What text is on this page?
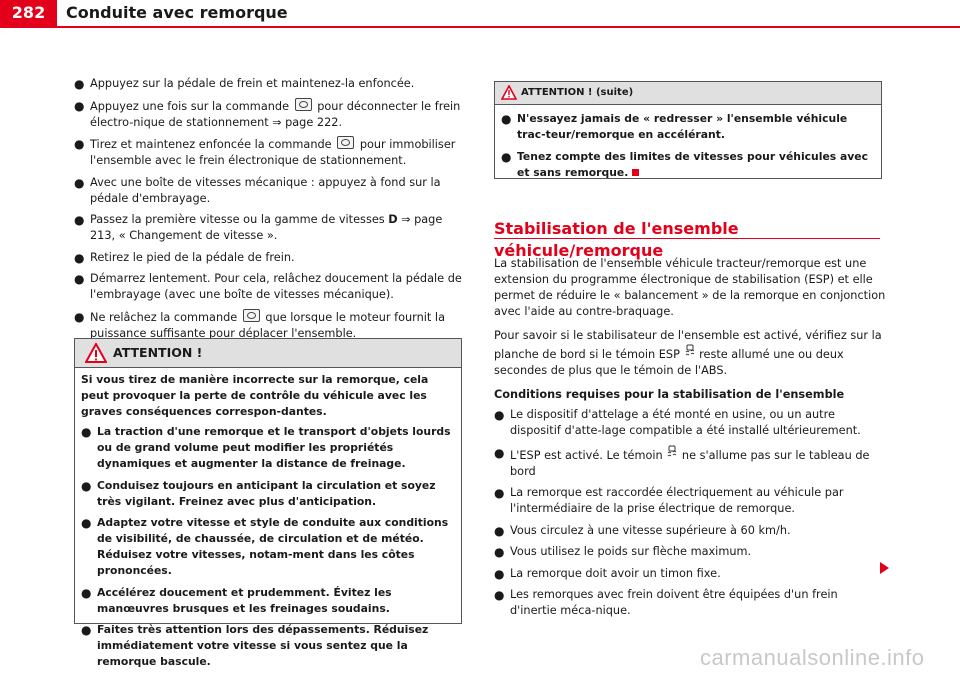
282	Conduite avec remorque
● Appuyez sur la pédale de frein et maintenez-la enfoncée.
● Appuyez une fois sur la commande pour déconnecter le frein électro-nique de stationnement ⇒ page 222.
● Tirez et maintenez enfoncée la commande pour immobiliser l'ensemble avec le frein électronique de stationnement.
● Avec une boîte de vitesses mécanique : appuyez à fond sur la pédale d'embrayage.
● Passez la première vitesse ou la gamme de vitesses D ⇒ page 213, « Changement de vitesse ».
● Retirez le pied de la pédale de frein.
● Démarrez lentement. Pour cela, relâchez doucement la pédale de l'embrayage (avec une boîte de vitesses mécanique).
● Ne relâchez la commande que lorsque le moteur fournit la puissance suffisante pour déplacer l'ensemble.
ATTENTION !

Si vous tirez de manière incorrecte sur la remorque, cela peut provoquer la perte de contrôle du véhicule avec les graves conséquences correspon-dantes.

● La traction d'une remorque et le transport d'objets lourds ou de grand volume peut modifier les propriétés dynamiques et augmenter la distance de freinage.
● Conduisez toujours en anticipant la circulation et soyez très vigilant. Freinez avec plus d'anticipation.
● Adaptez votre vitesse et style de conduite aux conditions de visibilité, de chaussée, de circulation et de météo. Réduisez votre vitesses, notam-ment dans les côtes prononcées.
● Accélérez doucement et prudemment. Évitez les manœuvres brusques et les freinages soudains.
● Faites très attention lors des dépassements. Réduisez immédiatement votre vitesse si vous sentez que la remorque bascule.
ATTENTION ! (suite)
● N'essayez jamais de « redresser » l'ensemble véhicule trac-teur/remorque en accélérant.
● Tenez compte des limites de vitesses pour véhicules avec et sans remorque.
Stabilisation de l'ensemble véhicule/remorque

La stabilisation de l'ensemble véhicule tracteur/remorque est une extension du programme électronique de stabilisation (ESP) et elle permet de réduire le « balancement » de la remorque en conjonction avec l'aide au contre-braquage.

Pour savoir si le stabilisateur de l'ensemble est activé, vérifiez sur la planche de bord si le témoin ESP reste allumé une ou deux secondes de plus que le témoin de l'ABS.

Conditions requises pour la stabilisation de l'ensemble
● Le dispositif d'attelage a été monté en usine, ou un autre dispositif d'atte-lage compatible a été installé ultérieurement.
● L'ESP est activé. Le témoin ne s'allume pas sur le tableau de bord
● La remorque est raccordée électriquement au véhicule par l'intermédiaire de la prise électrique de remorque.
● Vous circulez à une vitesse supérieure à 60 km/h.
● Vous utilisez le poids sur flèche maximum.
● La remorque doit avoir un timon fixe.
● Les remorques avec frein doivent être équipées d'un frein d'inertie méca-nique.
carmanualsonline.info
